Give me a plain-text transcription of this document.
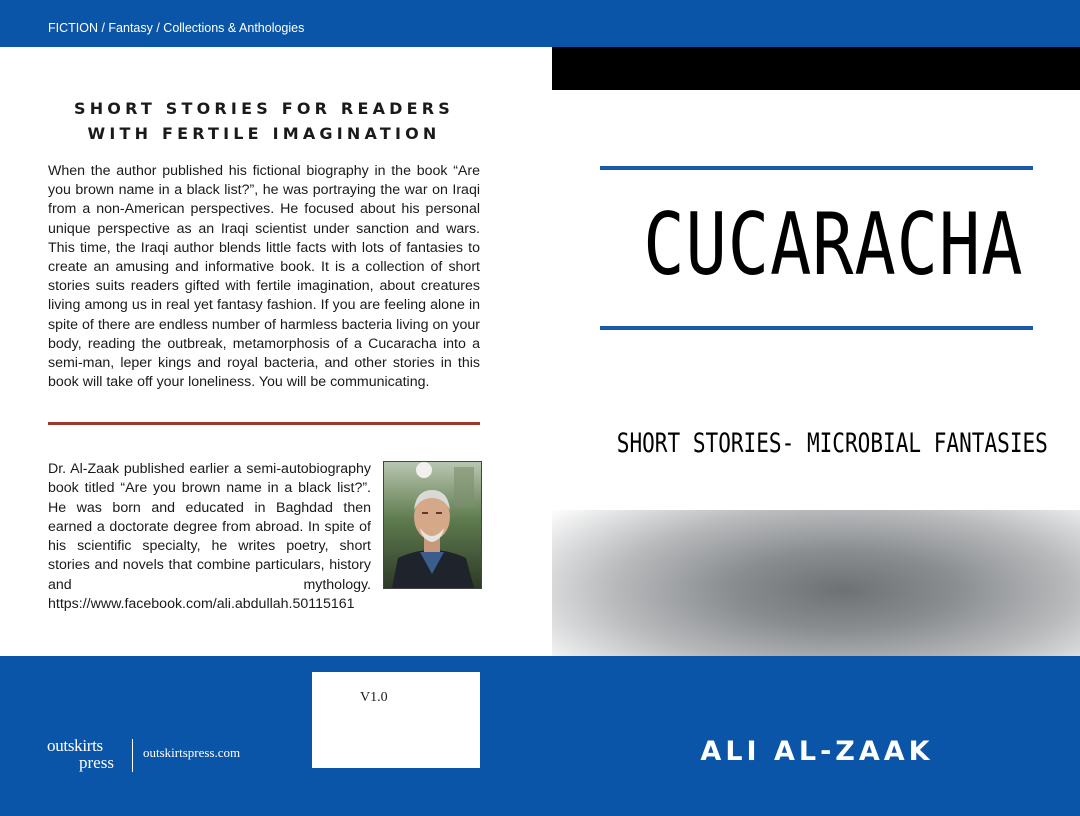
FICTION / Fantasy / Collections & Anthologies
SHORT STORIES FOR READERS WITH FERTILE IMAGINATION
When the author published his fictional biography in the book “Are you brown name in a black list?”, he was portraying the war on Iraqi from a non-American perspectives. He focused about his personal unique perspective as an Iraqi scientist under sanction and wars. This time, the Iraqi author blends little facts with lots of fantasies to create an amusing and informative book. It is a collection of short stories suits readers gifted with fertile imagination, about creatures living among us in real yet fantasy fashion. If you are feeling alone in spite of there are endless number of harmless bacteria living on your body, reading the outbreak, metamorphosis of a Cucaracha into a semi-man, leper kings and royal bacteria, and other stories in this book will take off your loneliness. You will be communicating.
Dr. Al-Zaak published earlier a semi-autobiography book titled “Are you brown name in a black list?”. He was born and educated in Baghdad then earned a doctorate degree from abroad. In spite of his scientific specialty, he writes poetry, short stories and novels that combine particulars, history and mythology. https://www.facebook.com/ali.abdullah.50115161
CUCARACHA
SHORT STORIES- MICROBIAL FANTASIES
V1.0
outskirts
press
outskirtspress.com	ALI AL-ZAAK
